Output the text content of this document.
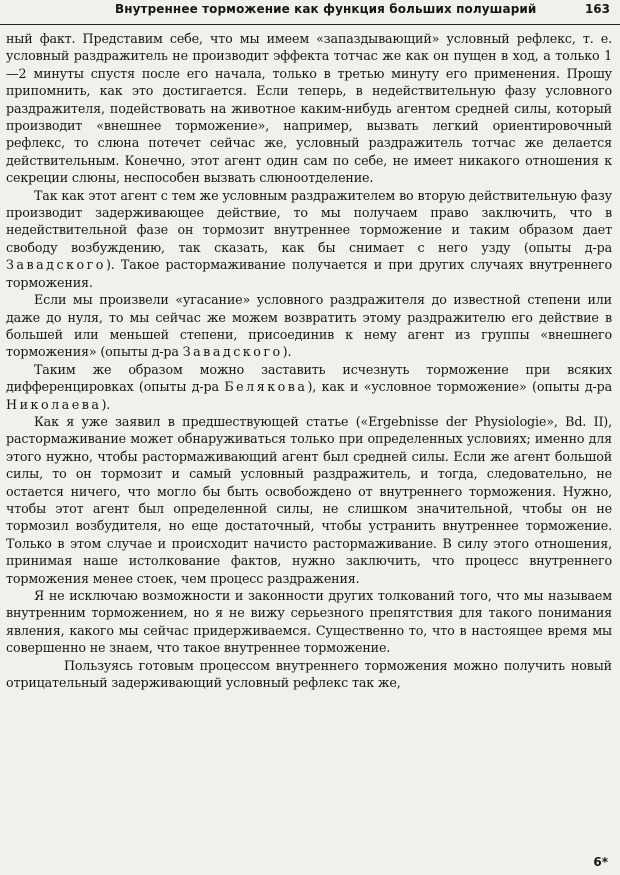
Внутреннее торможение как функция больших полушарий	163

ный факт. Представим себе, что мы имеем «запаздывающий» условный рефлекс, т. е. условный раздражитель не производит эффекта тотчас же как он пущен в ход, а только 1—2 минуты спустя после его начала, только в третью минуту его применения. Прошу припомнить, как это достигается. Если теперь, в недействительную фазу условного раздражителя, подействовать на животное каким-нибудь агентом средней силы, который производит «внешнее торможение», например, вызвать легкий ориентировочный рефлекс, то слюна потечет сейчас же, условный раздражитель тотчас же делается действительным. Конечно, этот агент один сам по себе, не имеет никакого отношения к секреции слюны, неспособен вызвать слюноотделение.

Так как этот агент с тем же условным раздражителем во вторую действительную фазу производит задерживающее действие, то мы получаем право заключить, что в недействительной фазе он тормозит внутреннее торможение и таким образом дает свободу возбуждению, так сказать, как бы снимает с него узду (опыты д-ра Завадского). Такое растормаживание получается и при других случаях внутреннего торможения.

Если мы произвели «угасание» условного раздражителя до известной степени или даже до нуля, то мы сейчас же можем возвратить этому раздражителю его действие в большей или меньшей степени, присоединив к нему агент из группы «внешнего торможения» (опыты д-ра Завадского).

Таким же образом можно заставить исчезнуть торможение при всяких дифференцировках (опыты д-ра Белякова), как и «условное торможение» (опыты д-ра Николаева).

Как я уже заявил в предшествующей статье («Ergebnisse der Physiologie», Bd. II), растормаживание может обнаруживаться только при определенных условиях; именно для этого нужно, чтобы растормаживающий агент был средней силы. Если же агент большой силы, то он тормозит и самый условный раздражитель, и тогда, следовательно, не остается ничего, что могло бы быть освобождено от внутреннего торможения. Нужно, чтобы этот агент был определенной силы, не слишком значительной, чтобы он не тормозил возбудителя, но еще достаточный, чтобы устранить внутреннее торможение. Только в этом случае и происходит начисто растормаживание. В силу этого отношения, принимая наше истолкование фактов, нужно заключить, что процесс внутреннего торможения менее стоек, чем процесс раздражения.

Я не исключаю возможности и законности других толкований того, что мы называем внутренним торможением, но я не вижу серьезного препятствия для такого понимания явления, какого мы сейчас придерживаемся. Существенно то, что в настоящее время мы совершенно не знаем, что такое внутреннее торможение.

Пользуясь готовым процессом внутреннего торможения можно получить новый отрицательный задерживающий условный рефлекс так же,

6*
